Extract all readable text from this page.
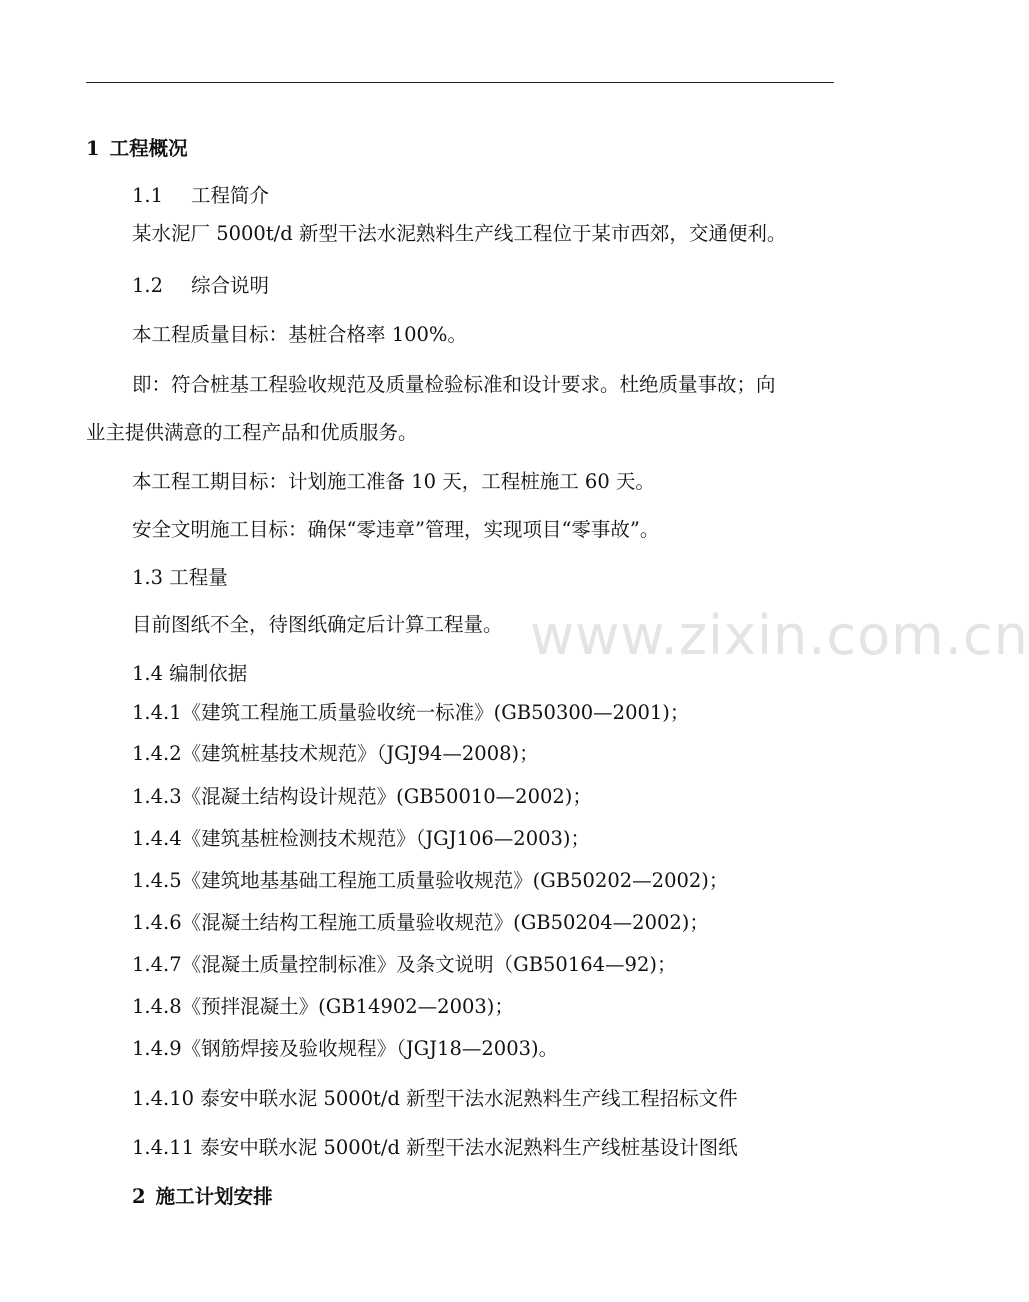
www.zixin.com.cn
1 工程概况
1.1 工程简介
某水泥厂 5000t/d 新型干法水泥熟料生产线工程位于某市西郊，交通便利。
1.2 综合说明
本工程质量目标：基桩合格率 100%。
即：符合桩基工程验收规范及质量检验标准和设计要求。杜绝质量事故；向
业主提供满意的工程产品和优质服务。
本工程工期目标：计划施工准备 10 天，工程桩施工 60 天。
安全文明施工目标：确保“零违章”管理，实现项目“零事故”。
1.3 工程量
目前图纸不全，待图纸确定后计算工程量。
1.4 编制依据
1.4.1《建筑工程施工质量验收统一标准》(GB50300—2001)；
1.4.2《建筑桩基技术规范》（JGJ94—2008)；
1.4.3《混凝土结构设计规范》(GB50010—2002)；
1.4.4《建筑基桩检测技术规范》（JGJ106—2003)；
1.4.5《建筑地基基础工程施工质量验收规范》(GB50202—2002)；
1.4.6《混凝土结构工程施工质量验收规范》(GB50204—2002)；
1.4.7《混凝土质量控制标准》及条文说明（GB50164—92)；
1.4.8《预拌混凝土》(GB14902—2003)；
1.4.9《钢筋焊接及验收规程》（JGJ18—2003)。
1.4.10 泰安中联水泥 5000t/d 新型干法水泥熟料生产线工程招标文件
1.4.11 泰安中联水泥 5000t/d 新型干法水泥熟料生产线桩基设计图纸
2 施工计划安排
